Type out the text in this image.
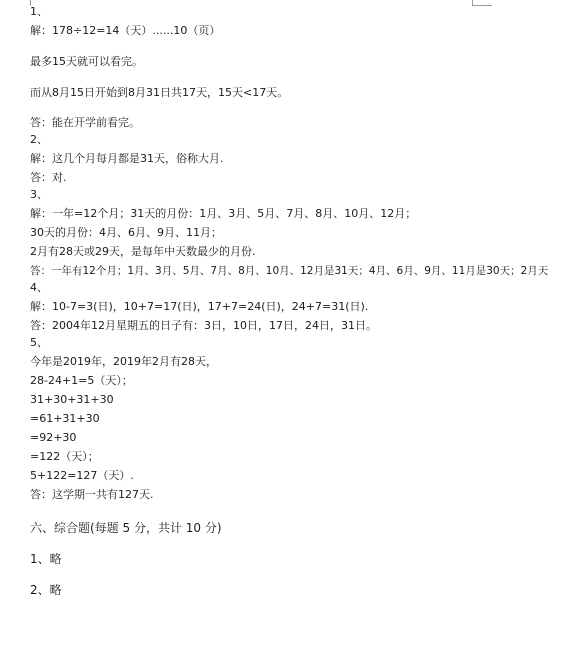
1、
解：178÷12=14（天）......10（页）
最多15天就可以看完。
而从8月15日开始到8月31日共17天，15天<17天。
答：能在开学前看完。
2、
解：这几个月每月都是31天，俗称大月.
答：对.
3、
解：一年=12个月；31天的月份：1月、3月、5月、7月、8月、10月、12月；
30天的月份：4月、6月、9月、11月；
2月有28天或29天，是每年中天数最少的月份.
答：一年有12个月；1月、3月、5月、7月、8月、10月、12月是31天；4月、6月、9月、11月是30天；2月天
4、
解：10-7=3(日)，10+7=17(日)，17+7=24(日)，24+7=31(日).
答：2004年12月星期五的日子有：3日，10日，17日，24日，31日。
5、
今年是2019年，2019年2月有28天，
28-24+1=5（天）；
31+30+31+30
=61+31+30
=92+30
=122（天）；
5+122=127（天）.
答：这学期一共有127天.
六、综合题(每题 5 分，共计 10 分)
1、略
2、略
